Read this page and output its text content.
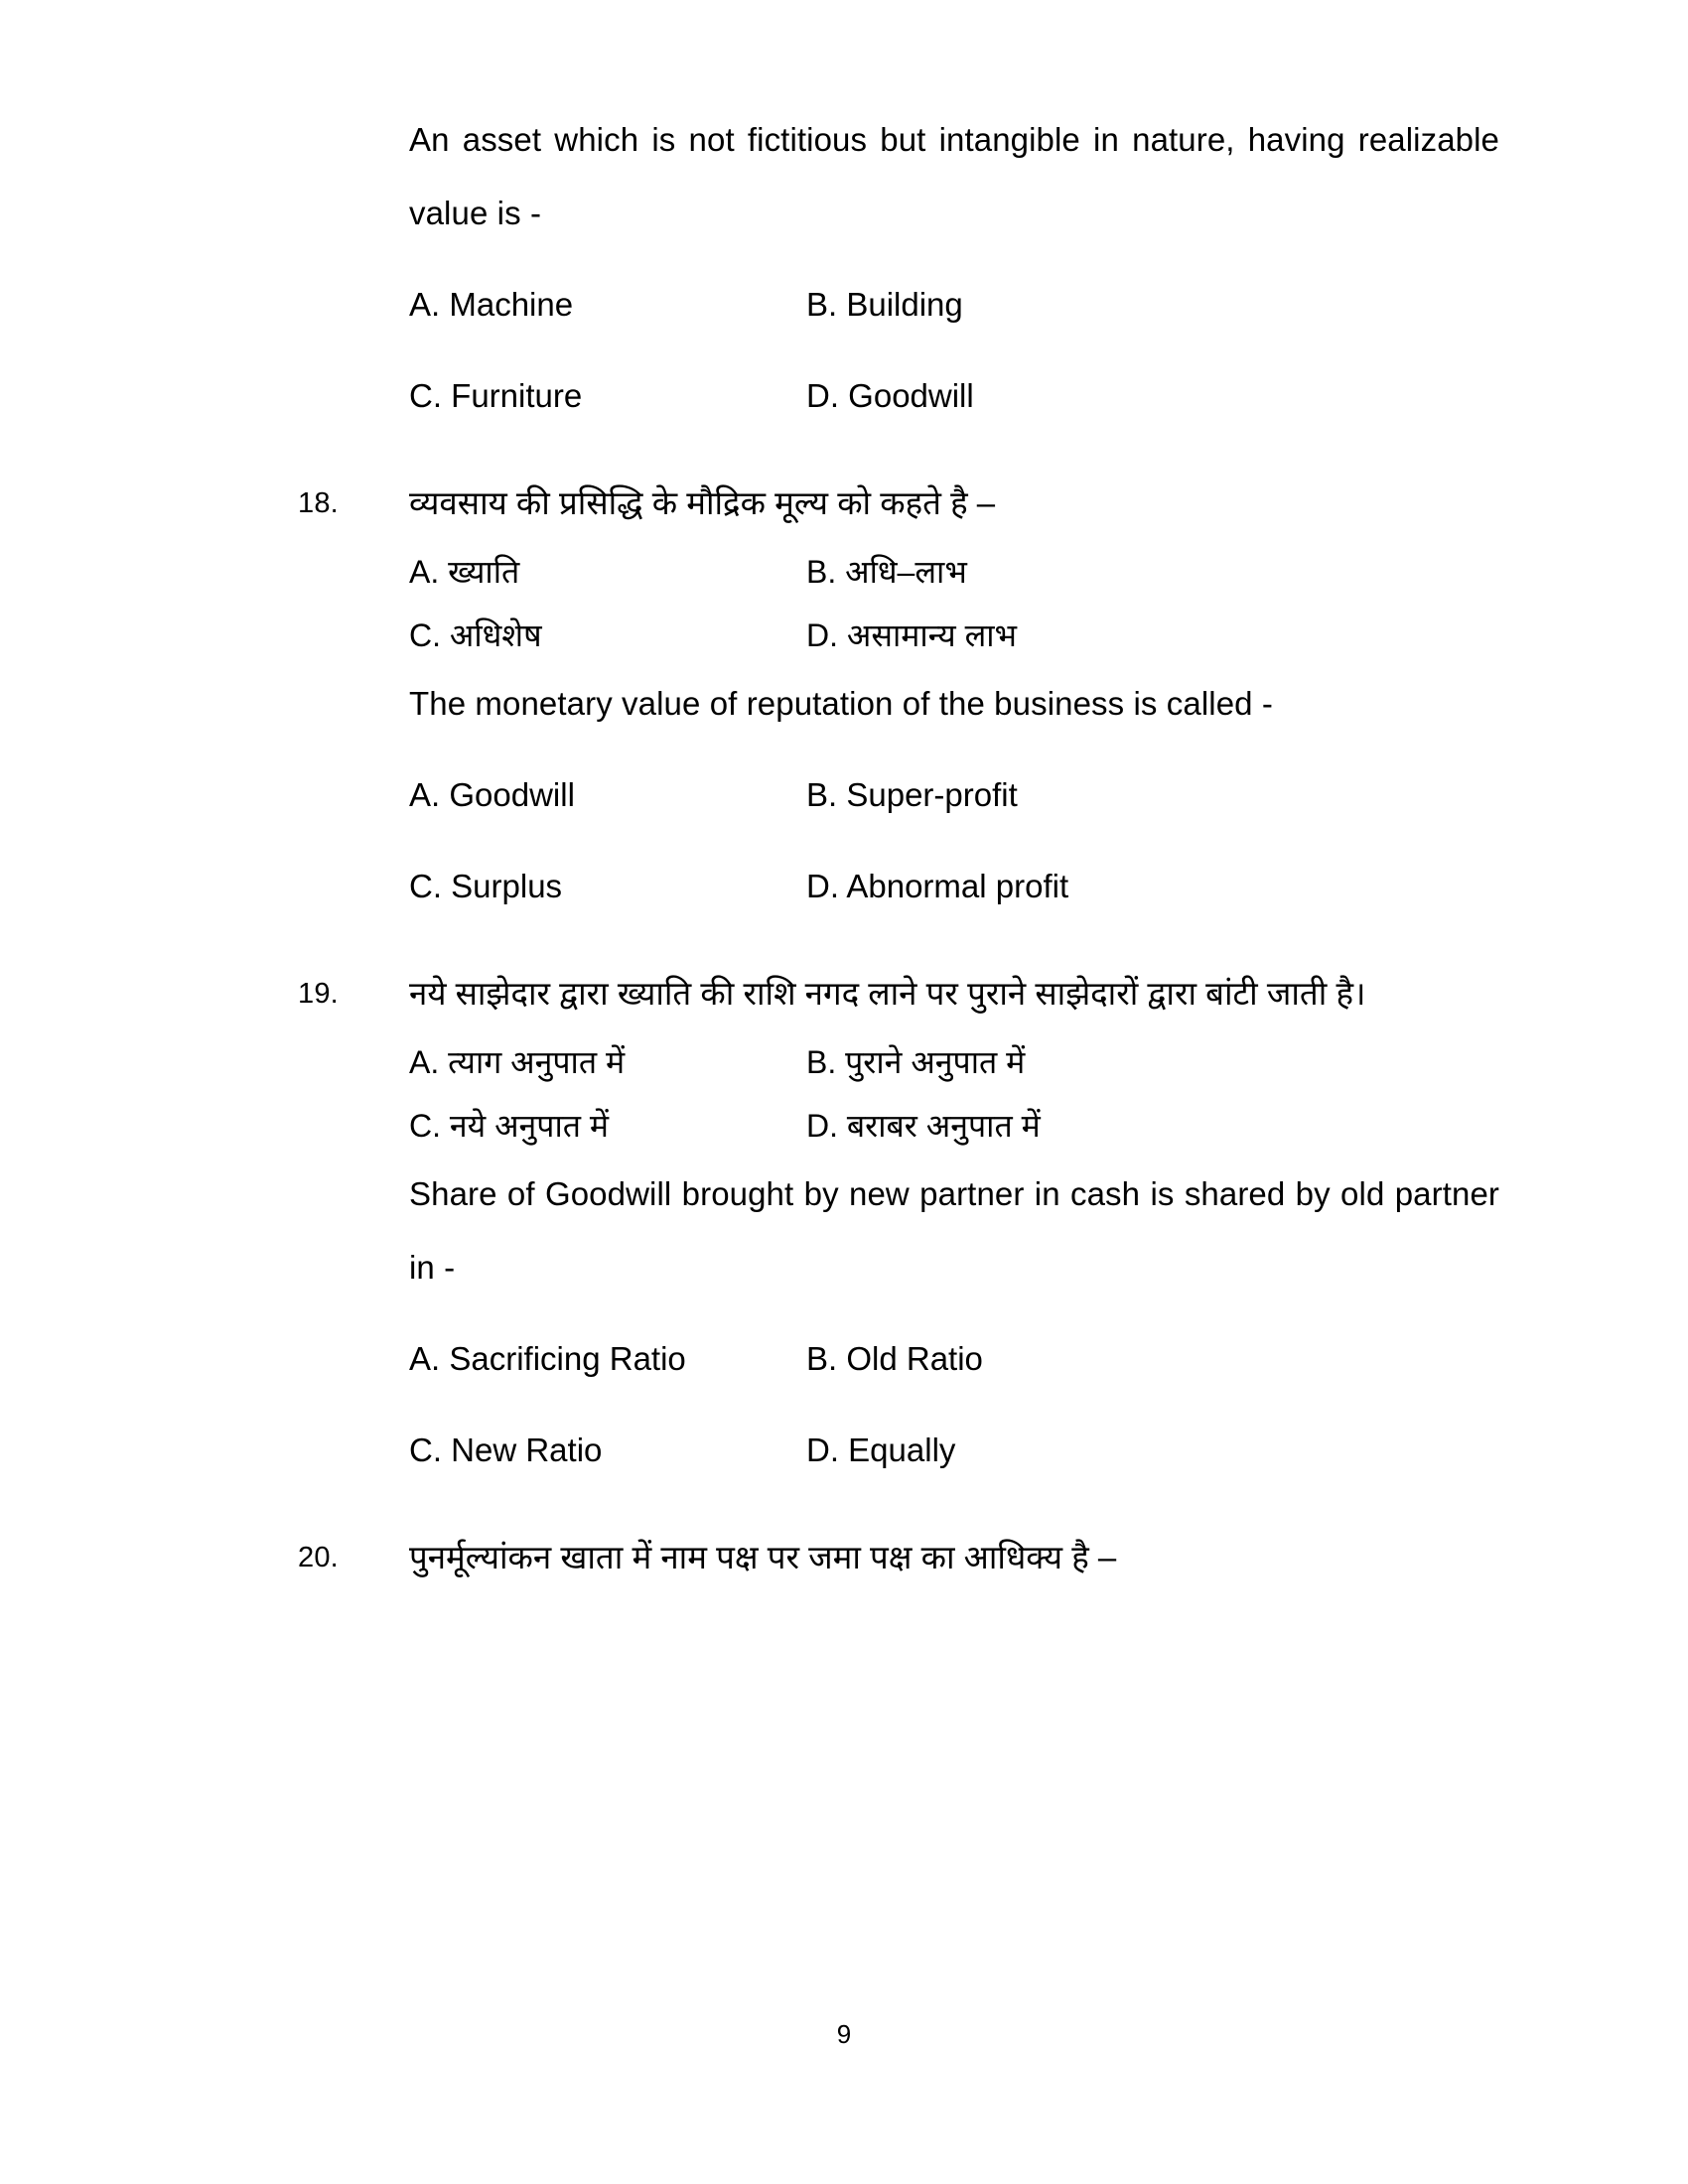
An asset which is not fictitious but intangible in nature, having realizable value is -
A. Machine	B. Building
C. Furniture	D. Goodwill
18.	व्यवसाय की प्रसिद्धि के मौद्रिक मूल्य को कहते है –
A. ख्याति	B. अधि–लाभ
C. अधिशेष	D. असामान्य लाभ
The monetary value of reputation of the business is called -
A. Goodwill	B. Super-profit
C. Surplus	D. Abnormal profit
19.	नये साझेदार द्वारा ख्याति की राशि नगद लाने पर पुराने साझेदारों द्वारा बांटी जाती है।
A. त्याग अनुपात में	B. पुराने अनुपात में
C. नये अनुपात में	D. बराबर अनुपात में
Share of Goodwill brought by new partner in cash is shared by old partner in -
A. Sacrificing Ratio	B. Old Ratio
C. New Ratio	D. Equally
20.	पुनर्मूल्यांकन खाता में नाम पक्ष पर जमा पक्ष का आधिक्य है –
9
